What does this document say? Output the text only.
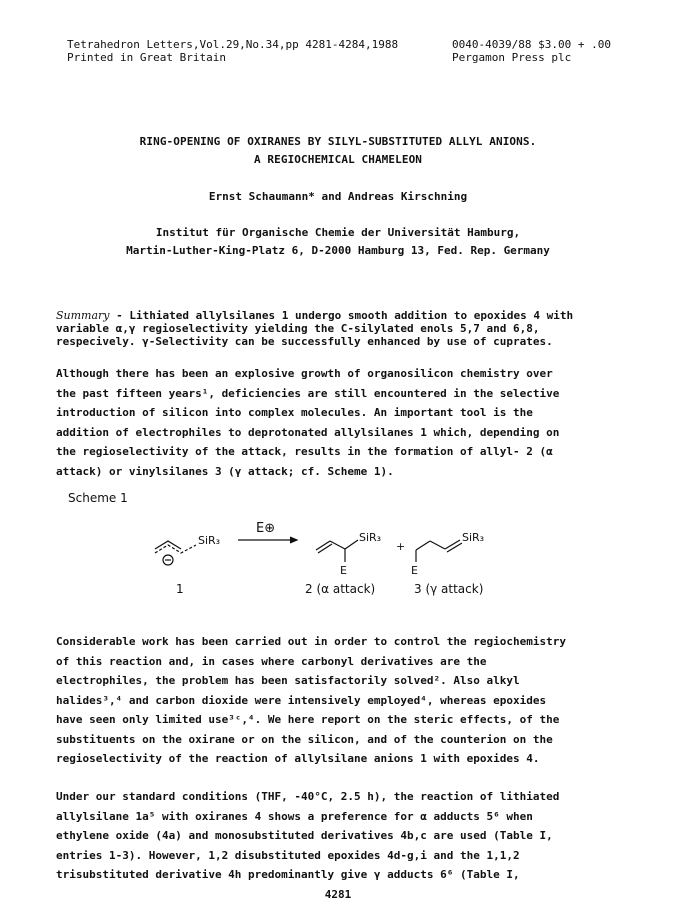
Tetrahedron Letters,Vol.29,No.34,pp 4281-4284,1988
Printed in Great Britain
0040-4039/88 $3.00 + .00
Pergamon Press plc
RING-OPENING OF OXIRANES BY SILYL-SUBSTITUTED ALLYL ANIONS.
A REGIOCHEMICAL CHAMELEON
Ernst Schaumann* and Andreas Kirschning
Institut für Organische Chemie der Universität Hamburg,
Martin-Luther-King-Platz 6, D-2000 Hamburg 13, Fed. Rep. Germany
Summary - Lithiated allylsilanes 1 undergo smooth addition to epoxides 4 with
variable α,γ regioselectivity yielding the C-silylated enols 5,7 and 6,8,
respecively. γ-Selectivity can be successfully enhanced by use of cuprates.
Although there has been an explosive growth of organosilicon chemistry over
the past fifteen years¹, deficiencies are still encountered in the selective
introduction of silicon into complex molecules. An important tool is the
addition of electrophiles to deprotonated allylsilanes 1 which, depending on
the regioselectivity of the attack, results in the formation of allyl- 2 (α
attack) or vinylsilanes 3 (γ attack; cf. Scheme 1).
Scheme 1
SiR₃
E⊕
SiR₃
E
+
SiR₃
E
1	2 (α attack)	3 (γ attack)
Considerable work has been carried out in order to control the regiochemistry
of this reaction and, in cases where carbonyl derivatives are the
electrophiles, the problem has been satisfactorily solved². Also alkyl
halides³,⁴ and carbon dioxide were intensively employed⁴, whereas epoxides
have seen only limited use³ᶜ,⁴. We here report on the steric effects, of the
substituents on the oxirane or on the silicon, and of the counterion on the
regioselectivity of the reaction of allylsilane anions 1 with epoxides 4.
Under our standard conditions (THF, -40°C, 2.5 h), the reaction of lithiated
allylsilane 1a⁵ with oxiranes 4 shows a preference for α adducts 5⁶ when
ethylene oxide (4a) and monosubstituted derivatives 4b,c are used (Table I,
entries 1-3). However, 1,2 disubstituted epoxides 4d-g,i and the 1,1,2
trisubstituted derivative 4h predominantly give γ adducts 6⁶ (Table I,
4281
